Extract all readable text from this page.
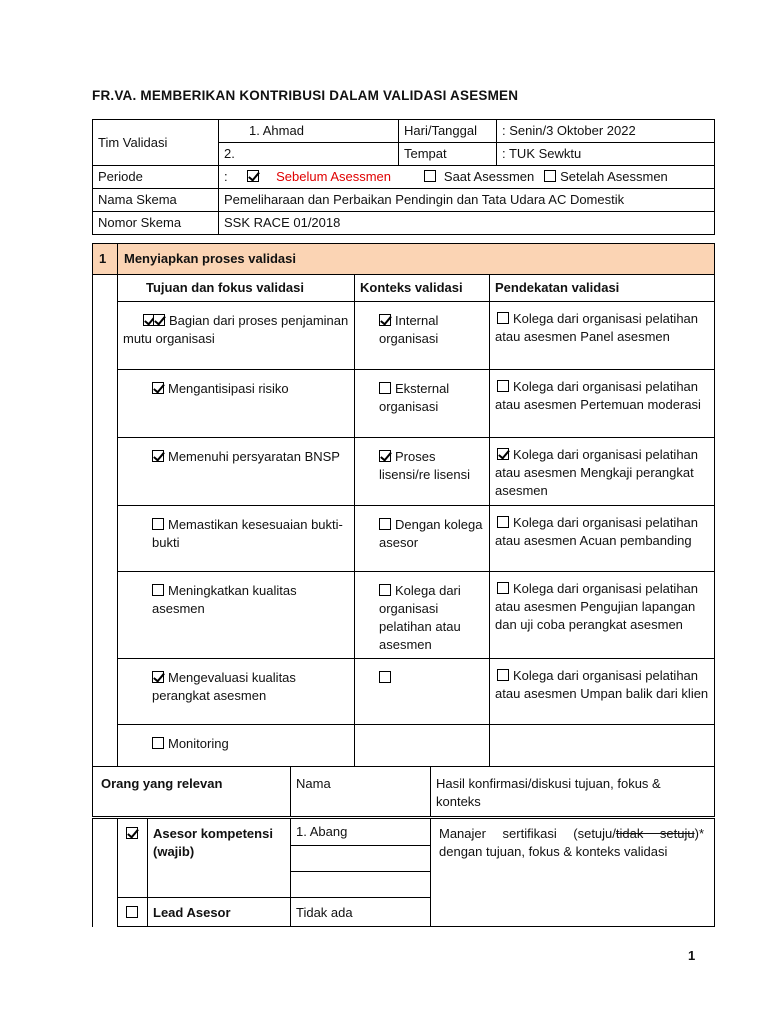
FR.VA. MEMBERIKAN KONTRIBUSI DALAM VALIDASI ASESMEN
Tim Validasi	1. Ahmad	Hari/Tanggal	: Senin/3 Oktober 2022
	2.	Tempat	: TUK Sewktu
Periode	: Sebelum Asessmen Saat Asessmen Setelah Asessmen		
Nama Skema	Pemeliharaan dan Perbaikan Pendingin dan Tata Udara AC Domestik		
Nomor Skema	SSK RACE 01/2018		
1	Menyiapkan proses validasi				
	Tujuan dan fokus validasi		Konteks validasi		Pendekatan validasi
	Bagian dari proses penjaminan mutu organisasi		Internal organisasi		Kolega dari organisasi pelatihan atau asesmen Panel asesmen
	Mengantisipasi risiko		Eksternal organisasi		Kolega dari organisasi pelatihan atau asesmen Pertemuan moderasi
	Memenuhi persyaratan BNSP		Proses lisensi/re lisensi		Kolega dari organisasi pelatihan atau asesmen Mengkaji perangkat asesmen
	Memastikan kesesuaian bukti-bukti		Dengan kolega asesor		Kolega dari organisasi pelatihan atau asesmen Acuan pembanding
	Meningkatkan kualitas asesmen		Kolega dari organisasi pelatihan atau asesmen		Kolega dari organisasi pelatihan atau asesmen Pengujian lapangan dan uji coba perangkat asesmen
	Mengevaluasi kualitas perangkat asesmen				Kolega dari organisasi pelatihan atau asesmen Umpan balik dari klien
	Monitoring				
Orang yang relevan		Nama		Hasil konfirmasi/diskusi tujuan, fokus & konteks	
		Asesor kompetensi (wajib)	1. Abang	Manajer sertifikasi (setuju/tidak setuju)* dengan tujuan, fokus & konteks validasi

		Lead Asesor	Tidak ada	
1
